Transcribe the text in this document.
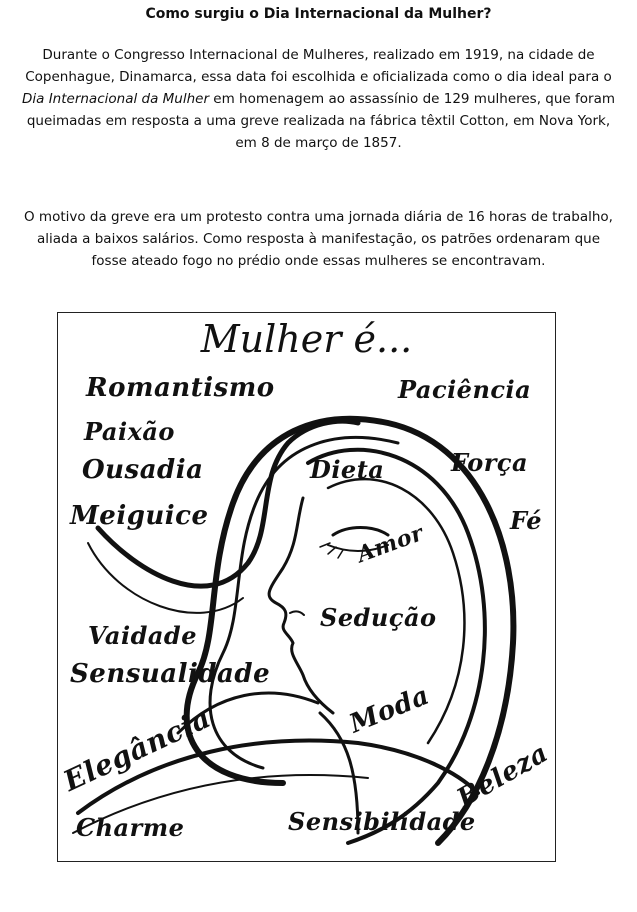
Como surgiu o Dia Internacional da Mulher?
Durante o Congresso Internacional de Mulheres, realizado em 1919, na cidade de Copenhague, Dinamarca, essa data foi escolhida e oficializada como o dia ideal para o Dia Internacional da Mulher em homenagem ao assassínio de 129 mulheres, que foram queimadas em resposta a uma greve realizada na fábrica têxtil Cotton, em Nova York, em 8 de março de 1857.
O motivo da greve era um protesto contra uma jornada diária de 16 horas de trabalho, aliada a baixos salários. Como resposta à manifestação, os patrões ordenaram que fosse ateado fogo no prédio onde essas mulheres se encontravam.
Mulher é...
Romantismo	Paciência
Paixão
Ousadia	Dieta	Força
Meiguice	Fé
Amor
Sedução
Vaidade
Sensualidade
Moda
Elegância	Beleza
Charme	Sensibilidade
